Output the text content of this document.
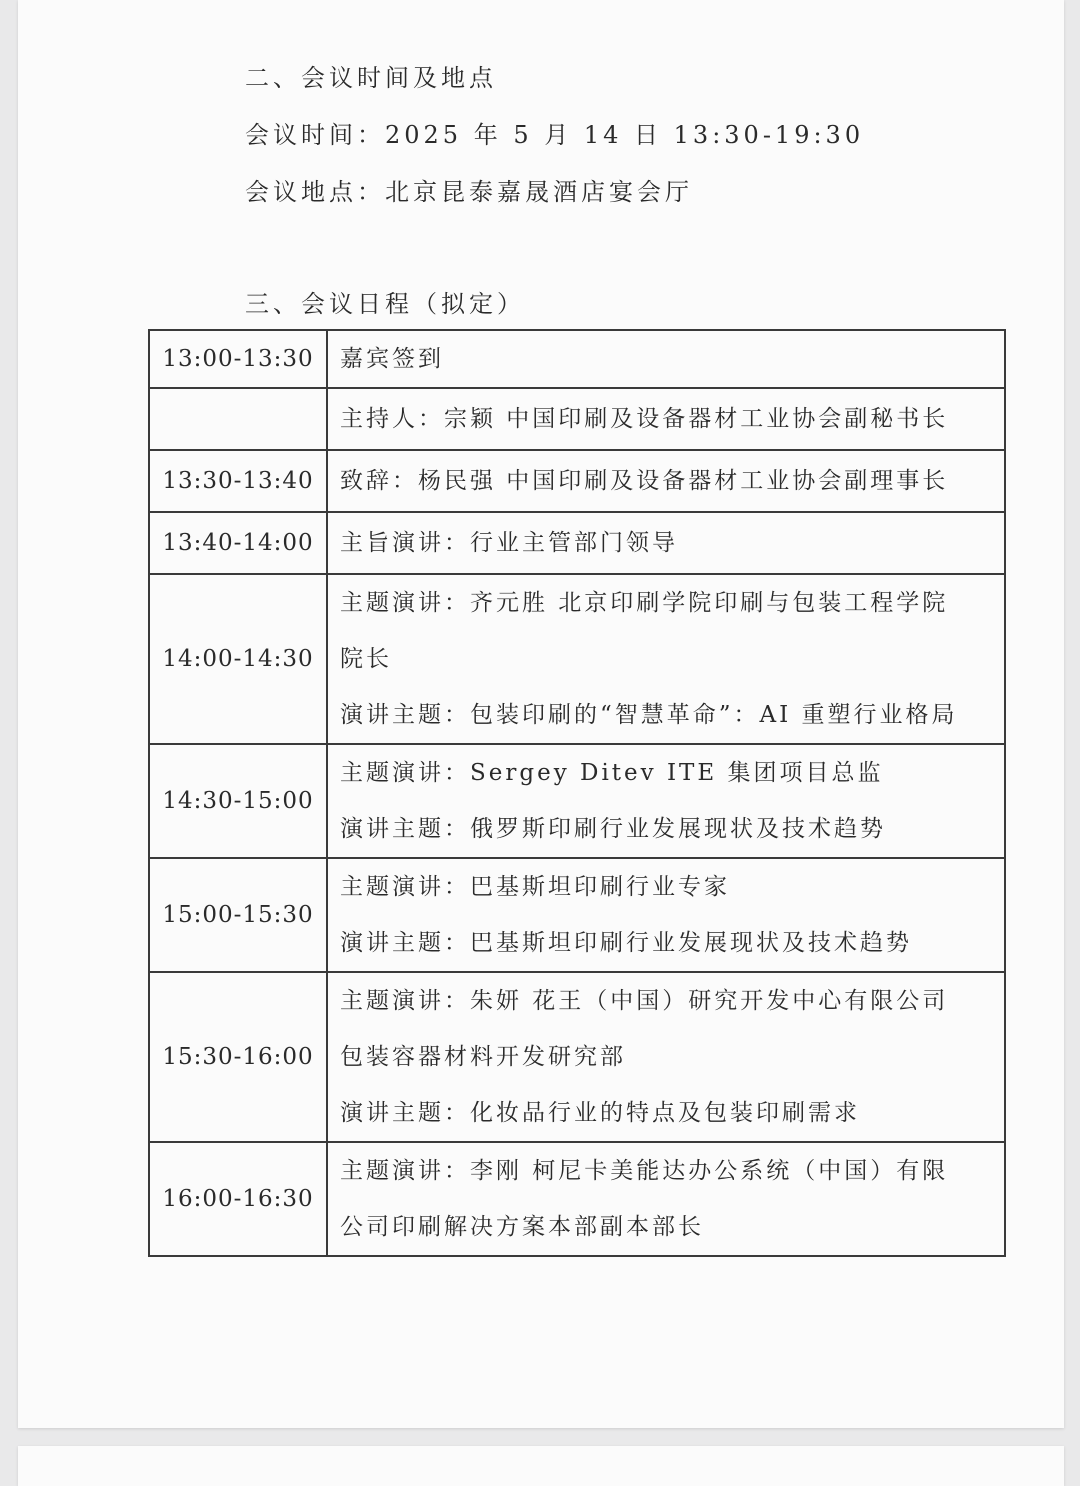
二、会议时间及地点
会议时间：2025 年 5 月 14 日 13:30-19:30
会议地点：北京昆泰嘉晟酒店宴会厅
三、会议日程（拟定）
13:00-13:30	嘉宾签到

	主持人：宗颖 中国印刷及设备器材工业协会副秘书长

13:30-13:40	致辞：杨民强 中国印刷及设备器材工业协会副理事长

13:40-14:00	主旨演讲：行业主管部门领导

14:00-14:30	主题演讲：齐元胜 北京印刷学院印刷与包装工程学院
院长
演讲主题：包装印刷的“智慧革命”：AI 重塑行业格局

14:30-15:00	主题演讲：Sergey Ditev ITE 集团项目总监
演讲主题：俄罗斯印刷行业发展现状及技术趋势

15:00-15:30	主题演讲：巴基斯坦印刷行业专家
演讲主题：巴基斯坦印刷行业发展现状及技术趋势

15:30-16:00	主题演讲：朱妍 花王（中国）研究开发中心有限公司
包装容器材料开发研究部
演讲主题：化妆品行业的特点及包装印刷需求

16:00-16:30	主题演讲：李刚 柯尼卡美能达办公系统（中国）有限
公司印刷解决方案本部副本部长
